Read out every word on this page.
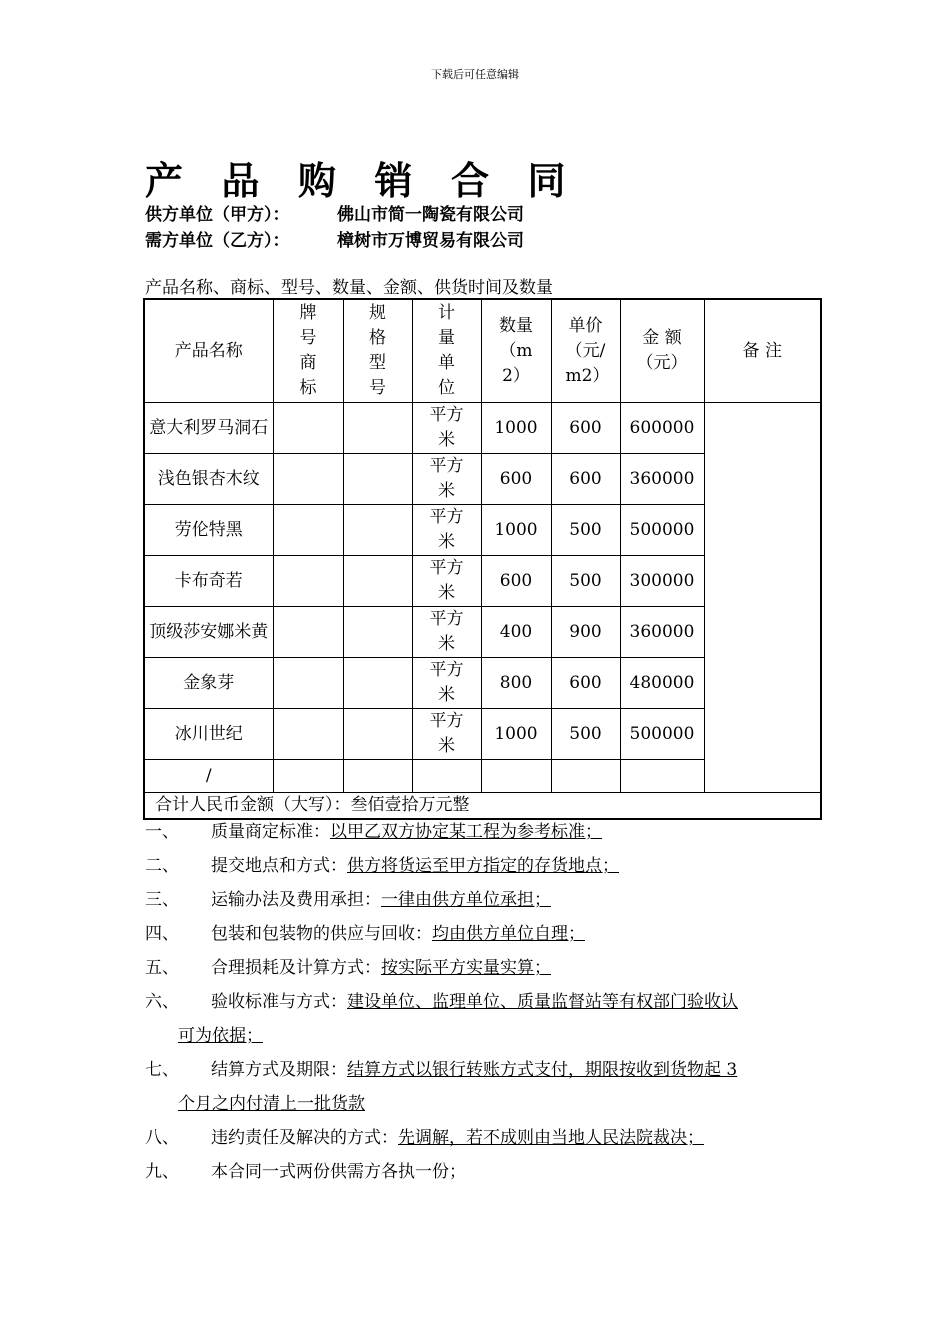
下载后可任意编辑
产 品 购 销 合 同
供方单位（甲方）：	佛山市简一陶瓷有限公司
需方单位（乙方）：	樟树市万博贸易有限公司
产品名称、商标、型号、数量、金额、供货时间及数量
产品名称	牌号商标	规格型号	计量单位	数量（m2）	单价（元/m2）	金 额（元）	备 注
意大利罗马洞石			平方米	1000	600	600000	
浅色银杏木纹			平方米	600	600	360000	
劳伦特黑			平方米	1000	500	500000	
卡布奇若			平方米	600	500	300000	
顶级莎安娜米黄			平方米	400	900	360000	
金象芽			平方米	800	600	480000	
冰川世纪			平方米	1000	500	500000	
/							
合计人民币金额（大写）：叁佰壹拾万元整							
一、	质量商定标准：以甲乙双方协定某工程为参考标准；
二、	提交地点和方式：供方将货运至甲方指定的存货地点；
三、	运输办法及费用承担：一律由供方单位承担；
四、	包装和包装物的供应与回收：均由供方单位自理；
五、	合理损耗及计算方式：按实际平方实量实算；
六、	验收标准与方式：建设单位、监理单位、质量监督站等有权部门验收认
可为依据；
七、	结算方式及期限：结算方式以银行转账方式支付，期限按收到货物起 3
个月之内付清上一批货款
八、	违约责任及解决的方式：先调解，若不成则由当地人民法院裁决；
九、	本合同一式两份供需方各执一份；
